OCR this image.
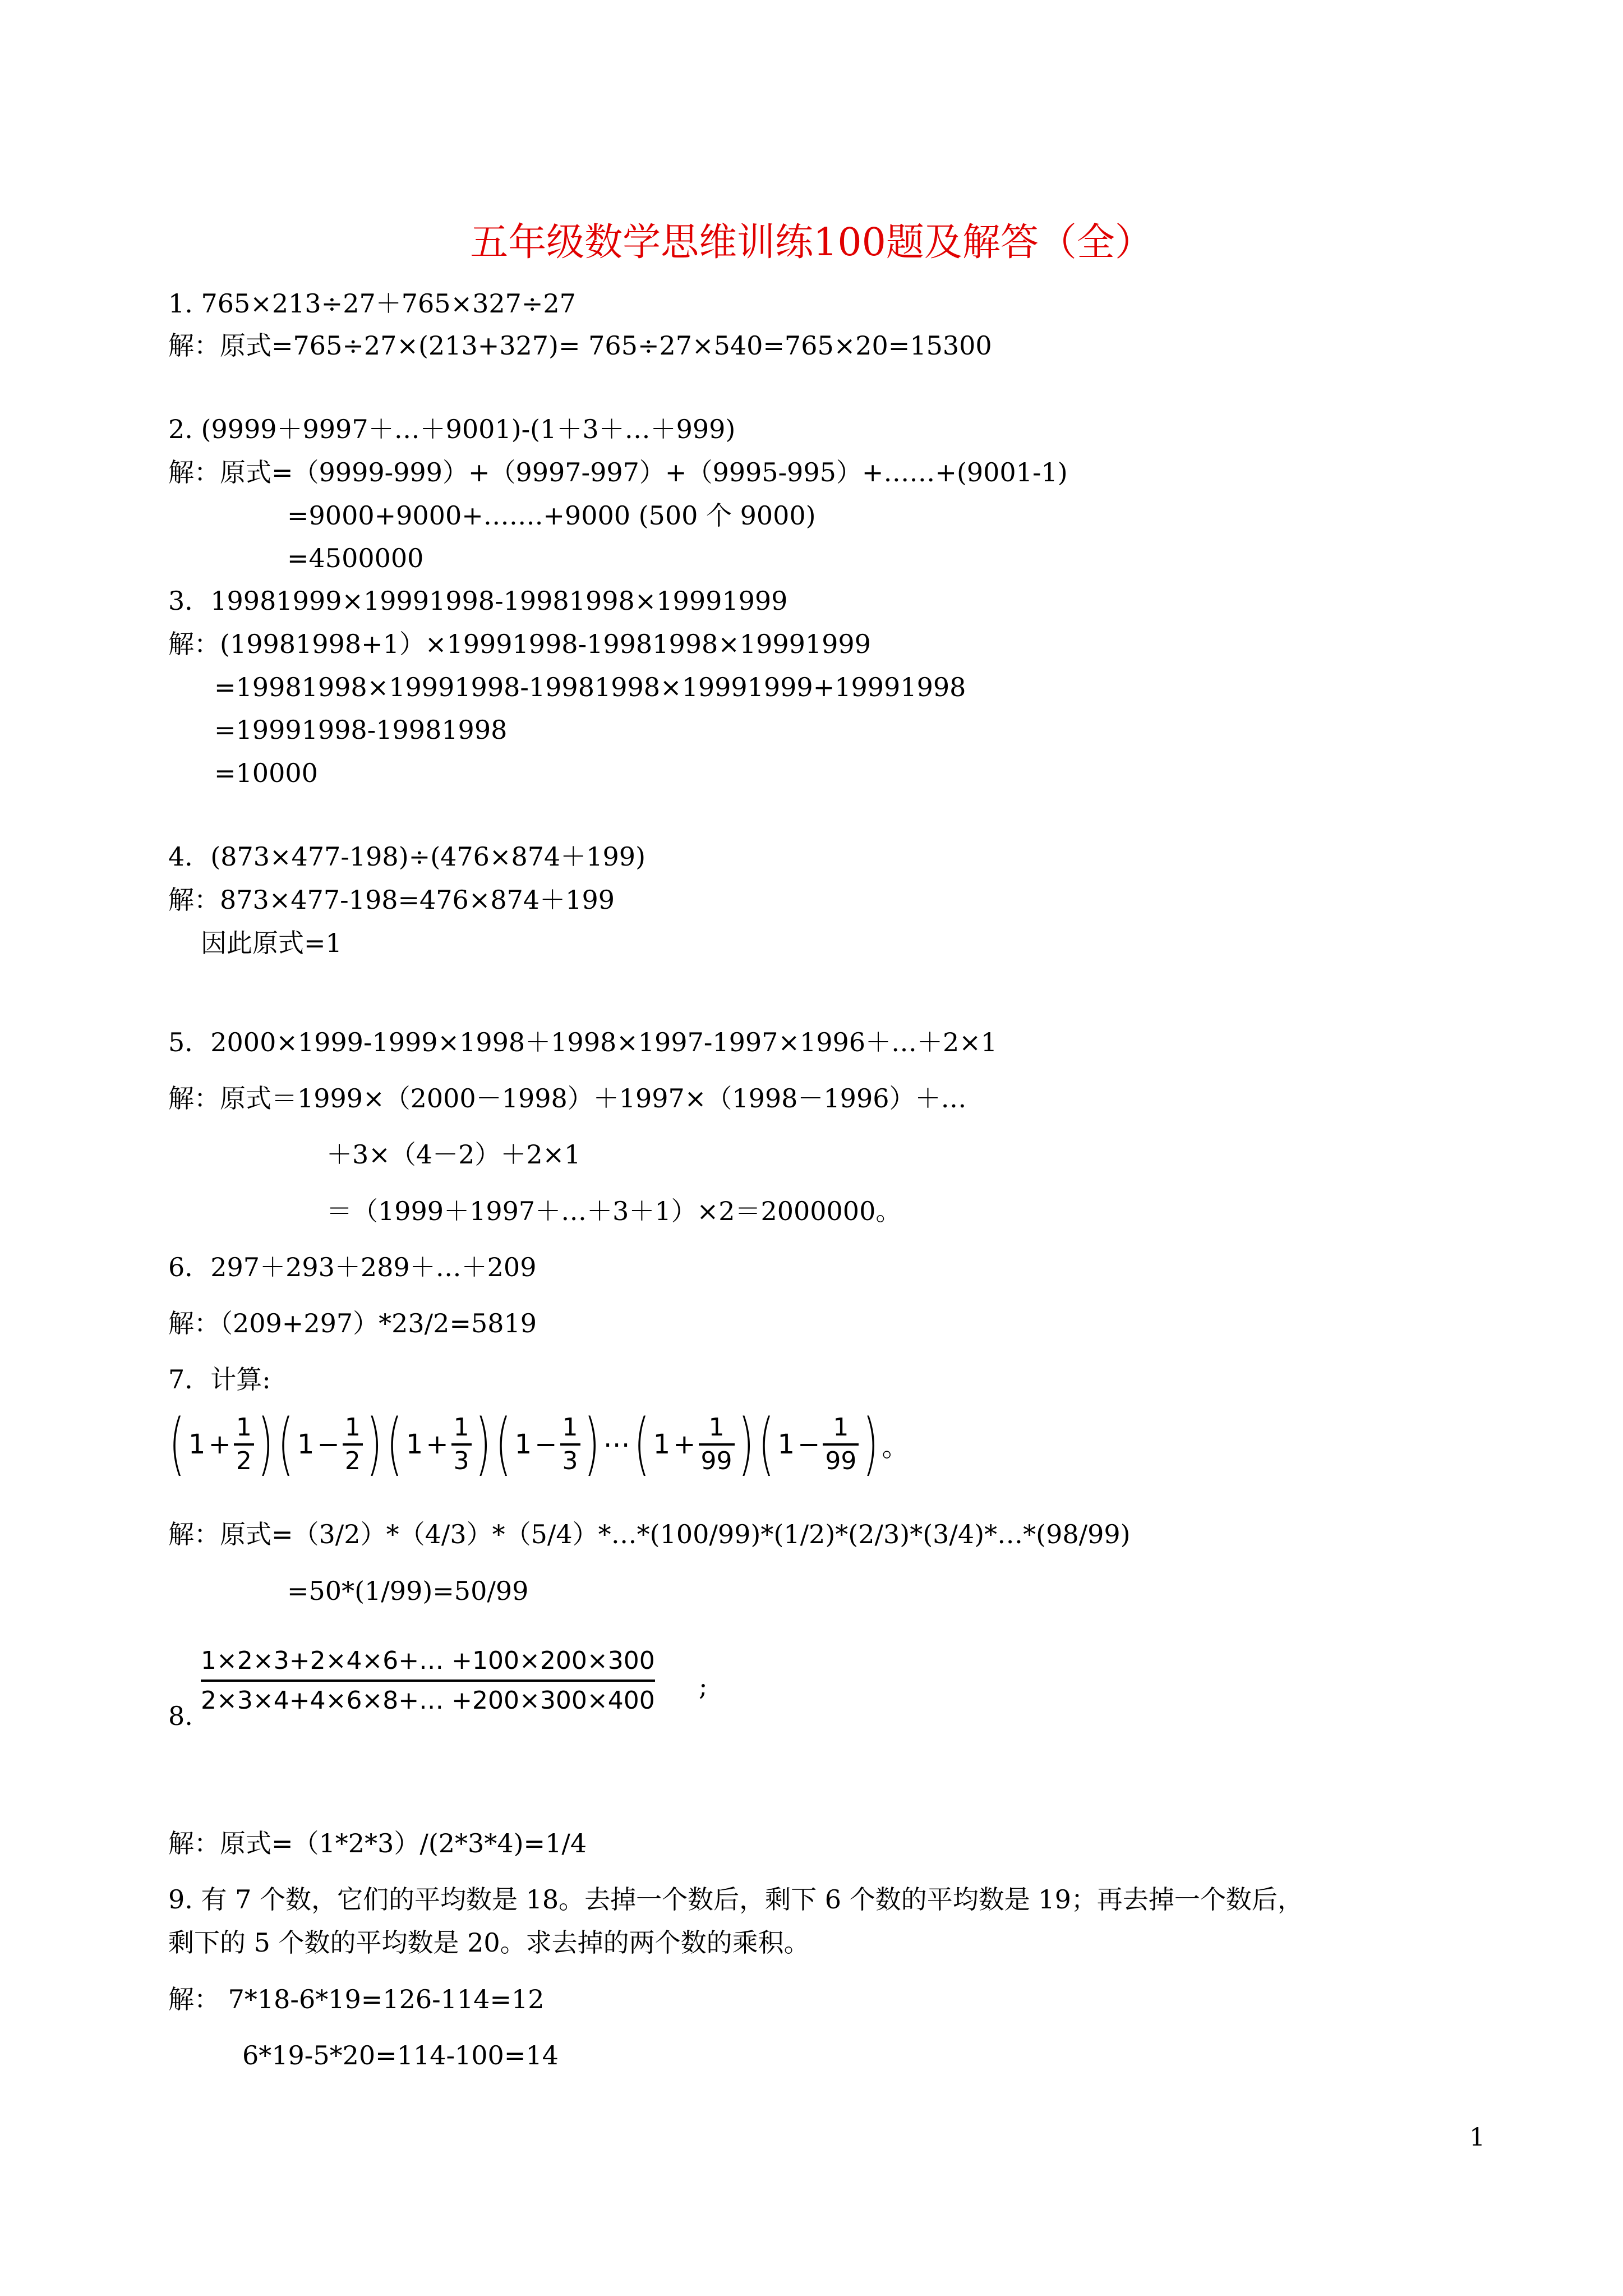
五年级数学思维训练100题及解答（全）
1. 765×213÷27＋765×327÷27
解：原式=765÷27×(213+327)= 765÷27×540=765×20=15300
2. (9999＋9997＋…＋9001)-(1＋3＋…＋999)
解：原式=（9999-999）+（9997-997）+（9995-995）+……+(9001-1)
=9000+9000+…….+9000 (500 个 9000)
=4500000
3．19981999×19991998-19981998×19991999
解：(19981998+1）×19991998-19981998×19991999
=19981998×19991998-19981998×19991999+19991998
=19991998-19981998
=10000
4．(873×477-198)÷(476×874＋199)
解：873×477-198=476×874＋199
因此原式=1
5．2000×1999-1999×1998＋1998×1997-1997×1996＋…＋2×1
解：原式＝1999×（2000－1998）＋1997×（1998－1996）＋…
＋3×（4－2）＋2×1
＝（1999＋1997＋…＋3＋1）×2＝2000000。
6．297＋293＋289＋…＋209
解：（209+297）*23/2=5819
7．计算:
( $1 + \frac{1}{2}$ ) ( $1 - \frac{1}{2}$ ) ( $1 + \frac{1}{3}$ ) ( $1 - \frac{1}{3}$ ) ⋯ ( $1 + \frac{1}{99}$ ) ( $1 - \frac{1}{99}$ ) 。
解：原式=（3/2）*（4/3）*（5/4）*…*(100/99)*(1/2)*(2/3)*(3/4)*…*(98/99)
=50*(1/99)=50/99
8.
$\frac{1\times 2\times 3+2\times 4\times 6+\dots +100\times 200\times 300}{2\times 3\times 4+4\times 6\times 8+\dots +200\times 300\times 400}$ ;
解：原式=（1*2*3）/(2*3*4)=1/4
9. 有 7 个数，它们的平均数是 18。去掉一个数后，剩下 6 个数的平均数是 19；再去掉一个数后，
剩下的 5 个数的平均数是 20。求去掉的两个数的乘积。
解： 7*18-6*19=126-114=12
6*19-5*20=114-100=14
1
